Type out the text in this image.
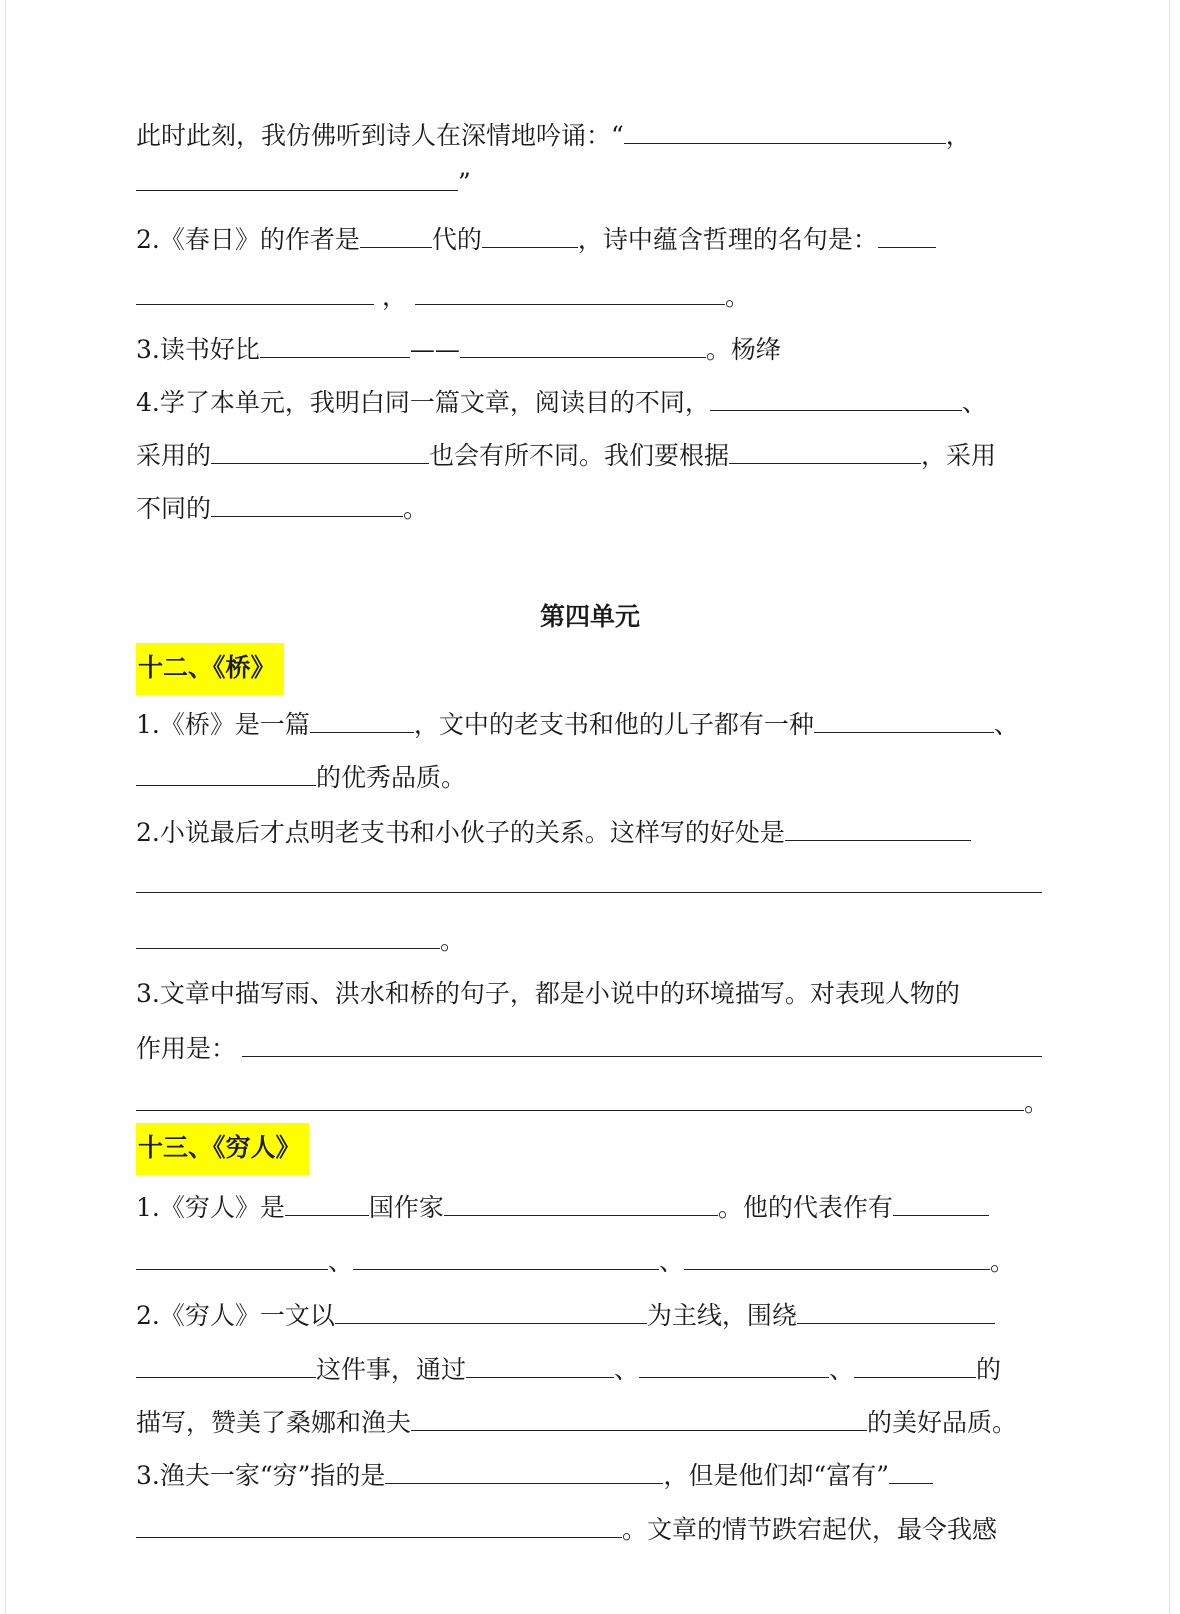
此时此刻，我仿佛听到诗人在深情地吟诵：“	，
”
2.《春日》的作者是	代的	，诗中蕴含哲理的名句是：
，	。
3.读书好比	——	。杨绛
4.学了本单元，我明白同一篇文章，阅读目的不同，	、
采用的	也会有所不同。我们要根据	，采用
不同的	。
第四单元
十二、《桥》
1.《桥》是一篇	，文中的老支书和他的儿子都有一种	、
的优秀品质。
2.小说最后才点明老支书和小伙子的关系。这样写的好处是
。
3.文章中描写雨、洪水和桥的句子，都是小说中的环境描写。对表现人物的
作用是：
。
十三、《穷人》
1.《穷人》是	国作家	。他的代表作有
、	、	。
2.《穷人》一文以	为主线，围绕
这件事，通过	、	、	的
描写，赞美了桑娜和渔夫	的美好品质。
3.渔夫一家“穷”指的是	，但是他们却“富有”
。文章的情节跌宕起伏，最令我感
